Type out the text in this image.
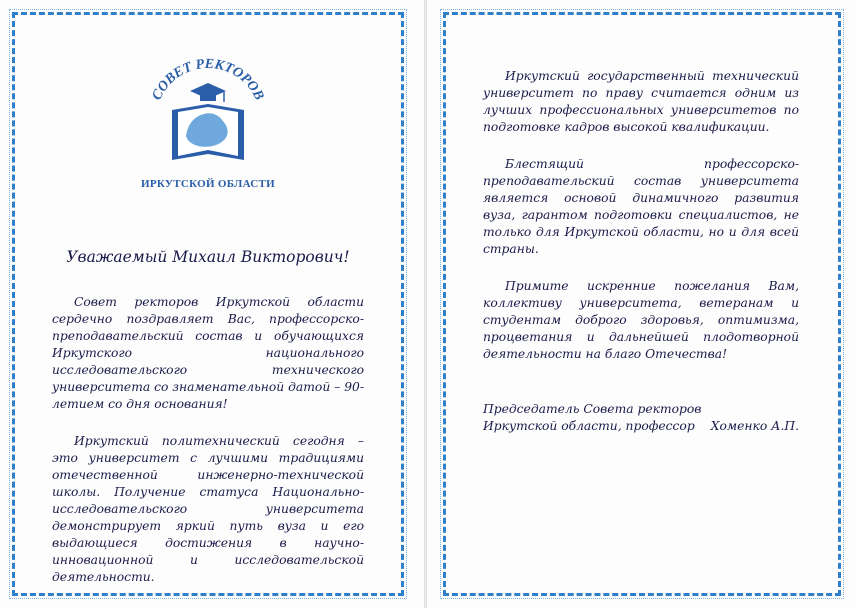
СОВЕТ РЕКТОРОВ
ИРКУТСКОЙ ОБЛАСТИ
Уважаемый Михаил Викторович!

Совет ректоров Иркутской области сердечно поздравляет Вас, профессорско-преподавательский состав и обучающихся Иркутского национального исследовательского технического университета со знаменательной датой – 90-летием со дня основания!

Иркутский политехнический сегодня – это университет с лучшими традициями отечественной инженерно-технической школы. Получение статуса Национально-исследовательского университета демонстрирует яркий путь вуза и его выдающиеся достижения в научно-инновационной и исследовательской деятельности.

Иркутский государственный технический университет по праву считается одним из лучших профессиональных университетов по подготовке кадров высокой квалификации.

Блестящий профессорско-преподавательский состав университета является основой динамичного развития вуза, гарантом подготовки специалистов, не только для Иркутской области, но и для всей страны.

Примите искренние пожелания Вам, коллективу университета, ветеранам и студентам доброго здоровья, оптимизма, процветания и дальнейшей плодотворной деятельности на благо Отечества!

Председатель Совета ректоров
Иркутской области, профессор Хоменко А.П.
